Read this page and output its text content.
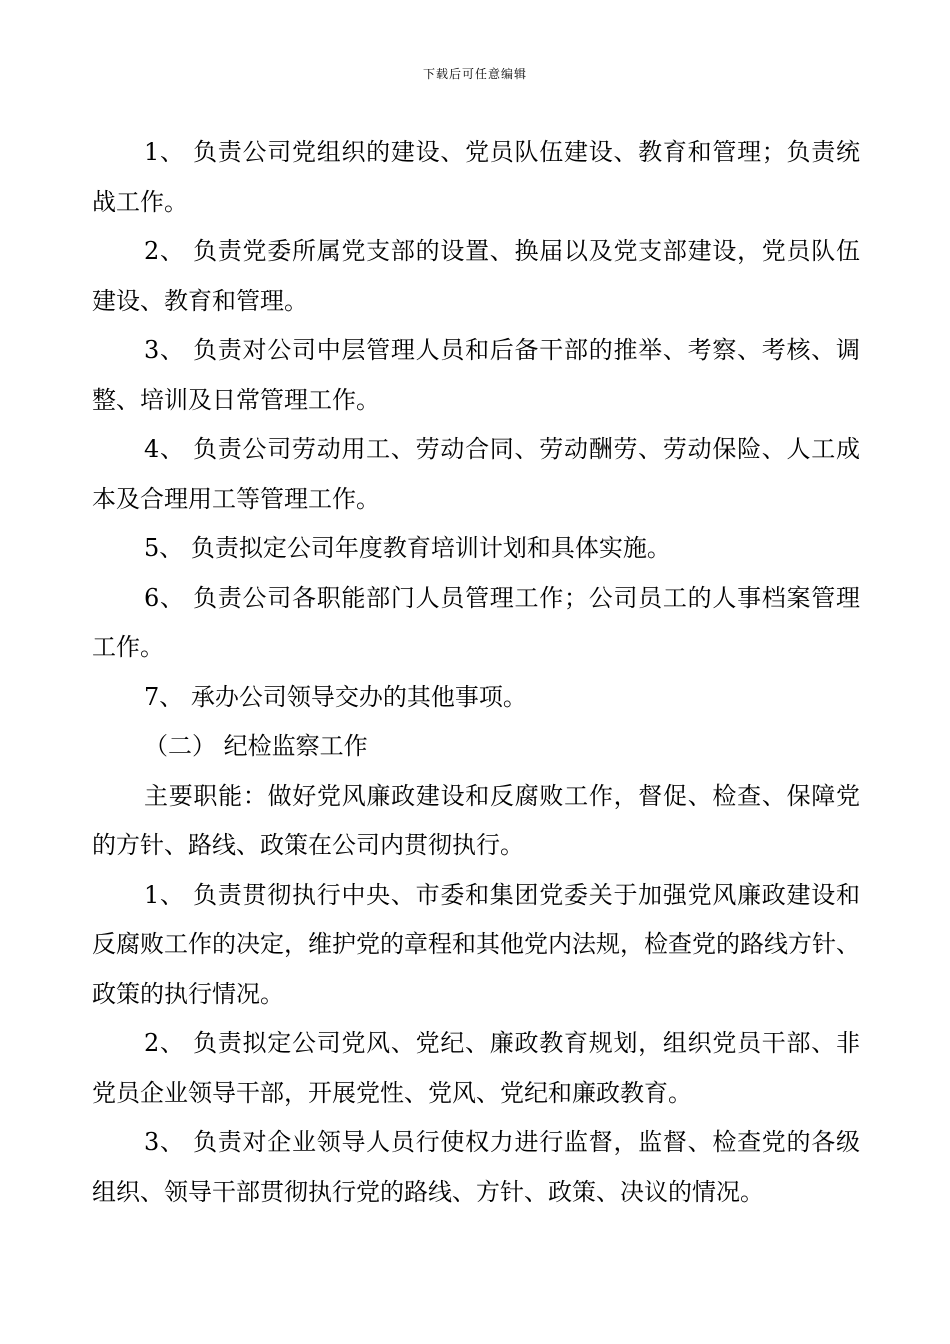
下载后可任意编辑

1、 负责公司党组织的建设、党员队伍建设、教育和管理；负责统战工作。

2、 负责党委所属党支部的设置、换届以及党支部建设，党员队伍建设、教育和管理。

3、 负责对公司中层管理人员和后备干部的推举、考察、考核、调整、培训及日常管理工作。

4、 负责公司劳动用工、劳动合同、劳动酬劳、劳动保险、人工成本及合理用工等管理工作。

5、 负责拟定公司年度教育培训计划和具体实施。

6、 负责公司各职能部门人员管理工作；公司员工的人事档案管理工作。

7、 承办公司领导交办的其他事项。

（二） 纪检监察工作

主要职能：做好党风廉政建设和反腐败工作，督促、检查、保障党的方针、路线、政策在公司内贯彻执行。

1、 负责贯彻执行中央、市委和集团党委关于加强党风廉政建设和反腐败工作的决定，维护党的章程和其他党内法规，检查党的路线方针、政策的执行情况。

2、 负责拟定公司党风、党纪、廉政教育规划，组织党员干部、非党员企业领导干部，开展党性、党风、党纪和廉政教育。

3、 负责对企业领导人员行使权力进行监督，监督、检查党的各级组织、领导干部贯彻执行党的路线、方针、政策、决议的情况。
